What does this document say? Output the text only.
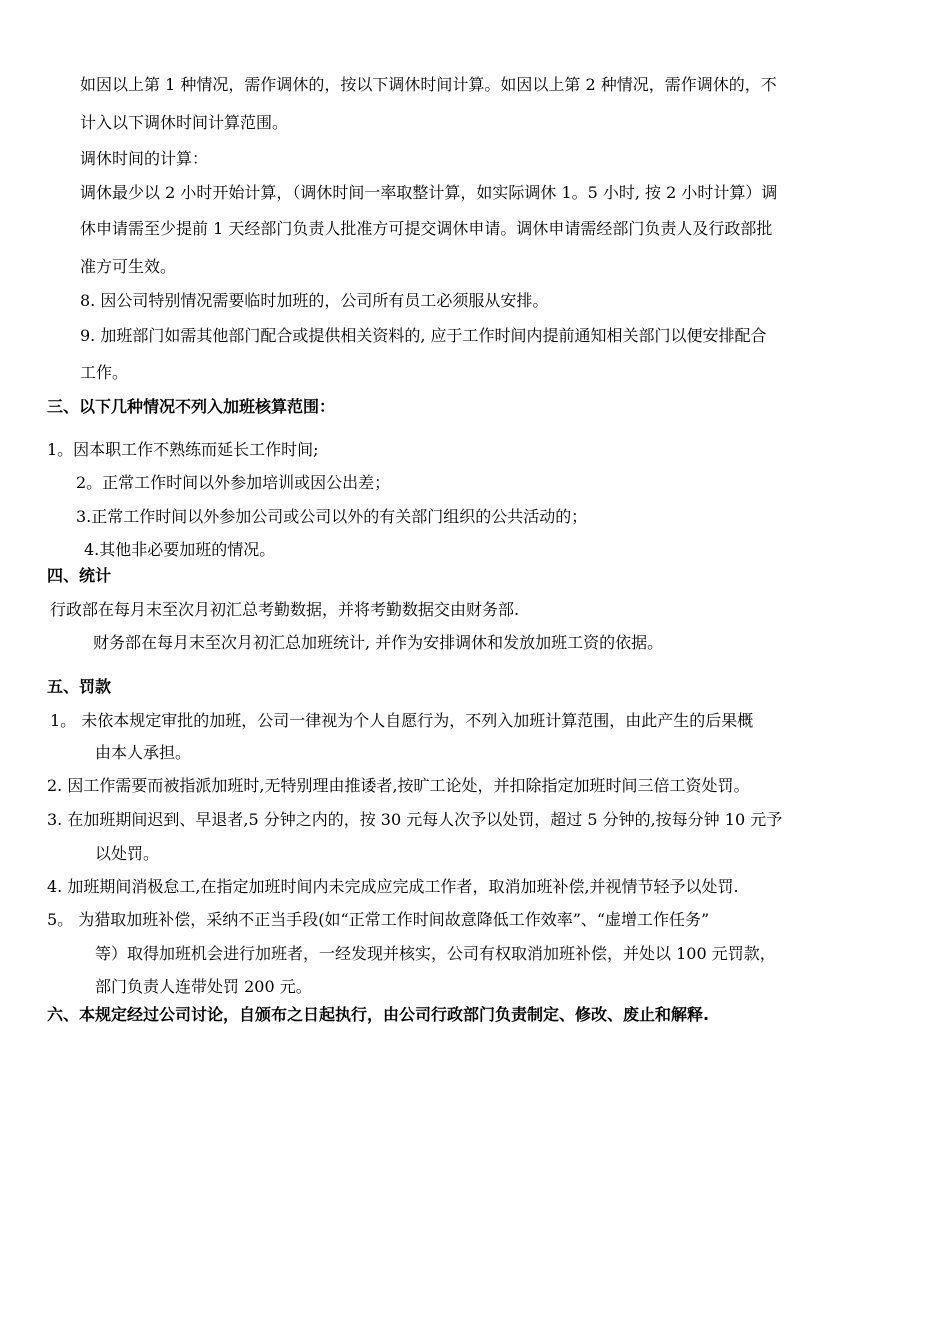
如因以上第 1 种情况，需作调休的，按以下调休时间计算。如因以上第 2 种情况，需作调休的，不
计入以下调休时间计算范围。
调休时间的计算：
调休最少以 2 小时开始计算，（调休时间一率取整计算，如实际调休 1。5 小时, 按 2 小时计算）调
休申请需至少提前 1 天经部门负责人批准方可提交调休申请。调休申请需经部门负责人及行政部批
准方可生效。
8. 因公司特别情况需要临时加班的，公司所有员工必须服从安排。
9. 加班部门如需其他部门配合或提供相关资料的, 应于工作时间内提前通知相关部门以便安排配合
工作。
三、以下几种情况不列入加班核算范围：
1。因本职工作不熟练而延长工作时间;
2。正常工作时间以外参加培训或因公出差；
3.正常工作时间以外参加公司或公司以外的有关部门组织的公共活动的；
4.其他非必要加班的情况。
四、统计
行政部在每月末至次月初汇总考勤数据，并将考勤数据交由财务部.
财务部在每月末至次月初汇总加班统计, 并作为安排调休和发放加班工资的依据。
五、罚款
1。 未依本规定审批的加班，公司一律视为个人自愿行为，不列入加班计算范围，由此产生的后果概
由本人承担。
2. 因工作需要而被指派加班时,无特别理由推诿者,按旷工论处，并扣除指定加班时间三倍工资处罚。
3. 在加班期间迟到、早退者,5 分钟之内的，按 30 元每人次予以处罚，超过 5 分钟的,按每分钟 10 元予
以处罚。
4. 加班期间消极怠工,在指定加班时间内未完成应完成工作者，取消加班补偿,并视情节轻予以处罚.
5。 为猎取加班补偿，采纳不正当手段(如“正常工作时间故意降低工作效率”、“虚增工作任务”
等）取得加班机会进行加班者，一经发现并核实，公司有权取消加班补偿，并处以 100 元罚款，
部门负责人连带处罚 200 元。
六、本规定经过公司讨论，自颁布之日起执行，由公司行政部门负责制定、修改、废止和解释.
